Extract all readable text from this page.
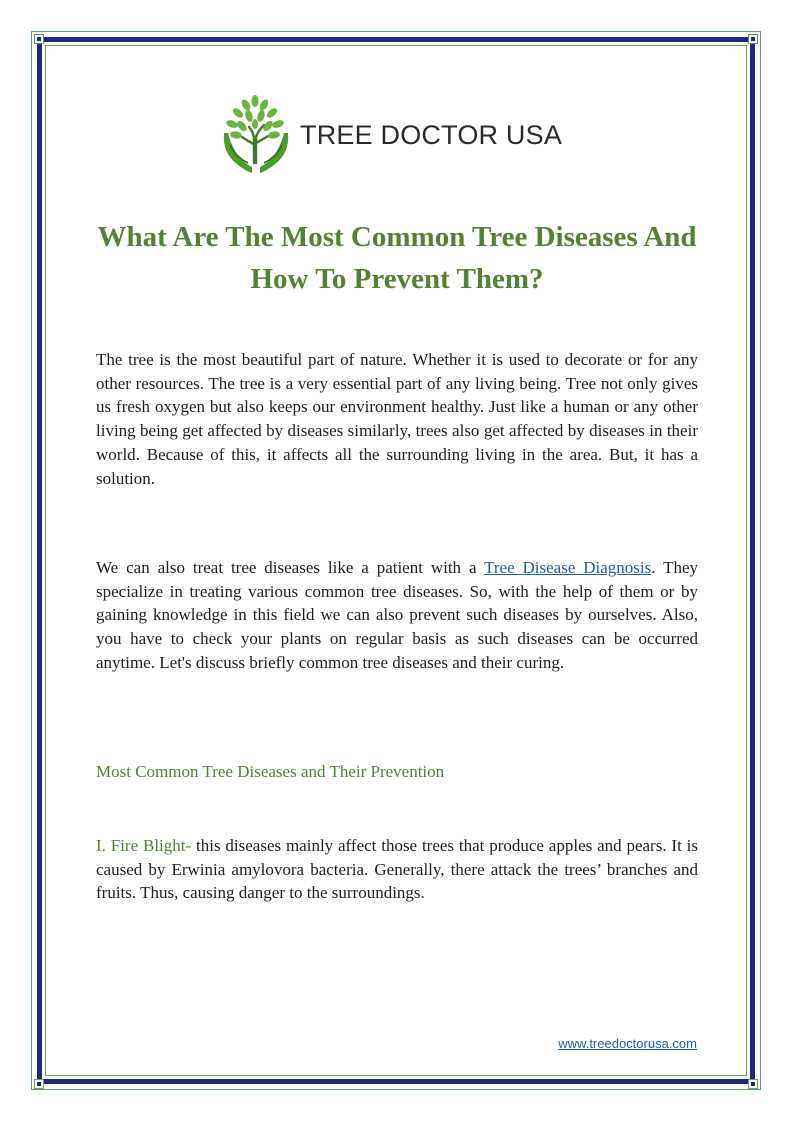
TREE DOCTOR USA
What Are The Most Common Tree Diseases And How To Prevent Them?

The tree is the most beautiful part of nature. Whether it is used to decorate or for any other resources. The tree is a very essential part of any living being. Tree not only gives us fresh oxygen but also keeps our environment healthy. Just like a human or any other living being get affected by diseases similarly, trees also get affected by diseases in their world. Because of this, it affects all the surrounding living in the area. But, it has a solution.

We can also treat tree diseases like a patient with a Tree Disease Diagnosis. They specialize in treating various common tree diseases. So, with the help of them or by gaining knowledge in this field we can also prevent such diseases by ourselves. Also, you have to check your plants on regular basis as such diseases can be occurred anytime. Let's discuss briefly common tree diseases and their curing.

Most Common Tree Diseases and Their Prevention

I. Fire Blight- this diseases mainly affect those trees that produce apples and pears. It is caused by Erwinia amylovora bacteria. Generally, there attack the trees’ branches and fruits. Thus, causing danger to the surroundings.

www.treedoctorusa.com
